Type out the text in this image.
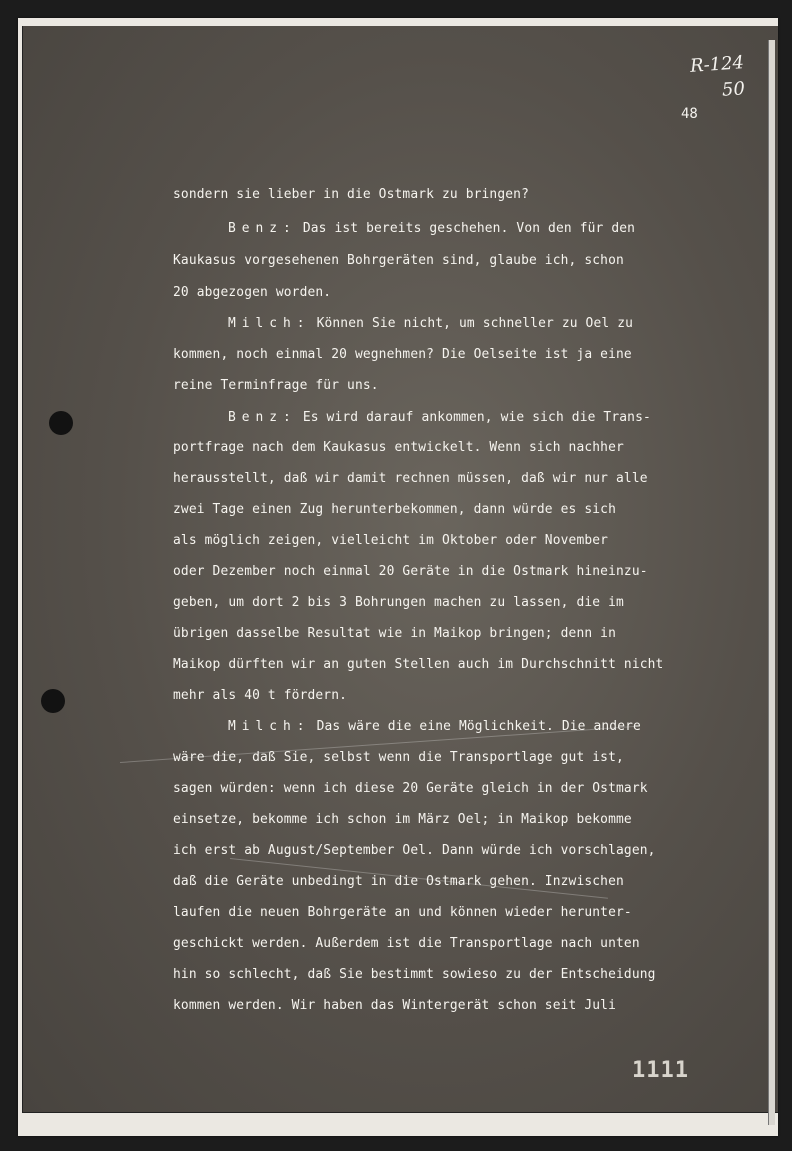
R-124
50
48
sondern sie lieber in die Ostmark zu bringen?
Benz: Das ist bereits geschehen. Von den für den
Kaukasus vorgesehenen Bohrgeräten sind, glaube ich, schon
20 abgezogen worden.
Milch: Können Sie nicht, um schneller zu Oel zu
kommen, noch einmal 20 wegnehmen? Die Oelseite ist ja eine
reine Terminfrage für uns.
Benz: Es wird darauf ankommen, wie sich die Trans-
portfrage nach dem Kaukasus entwickelt. Wenn sich nachher
herausstellt, daß wir damit rechnen müssen, daß wir nur alle
zwei Tage einen Zug herunterbekommen, dann würde es sich
als möglich zeigen, vielleicht im Oktober oder November
oder Dezember noch einmal 20 Geräte in die Ostmark hineinzu-
geben, um dort 2 bis 3 Bohrungen machen zu lassen, die im
übrigen dasselbe Resultat wie in Maikop bringen; denn in
Maikop dürften wir an guten Stellen auch im Durchschnitt nicht
mehr als 40 t fördern.
Milch: Das wäre die eine Möglichkeit. Die andere
wäre die, daß Sie, selbst wenn die Transportlage gut ist,
sagen würden: wenn ich diese 20 Geräte gleich in der Ostmark
einsetze, bekomme ich schon im März Oel; in Maikop bekomme
ich erst ab August/September Oel. Dann würde ich vorschlagen,
daß die Geräte unbedingt in die Ostmark gehen. Inzwischen
laufen die neuen Bohrgeräte an und können wieder herunter-
geschickt werden. Außerdem ist die Transportlage nach unten
hin so schlecht, daß Sie bestimmt sowieso zu der Entscheidung
kommen werden. Wir haben das Wintergerät schon seit Juli
1111
